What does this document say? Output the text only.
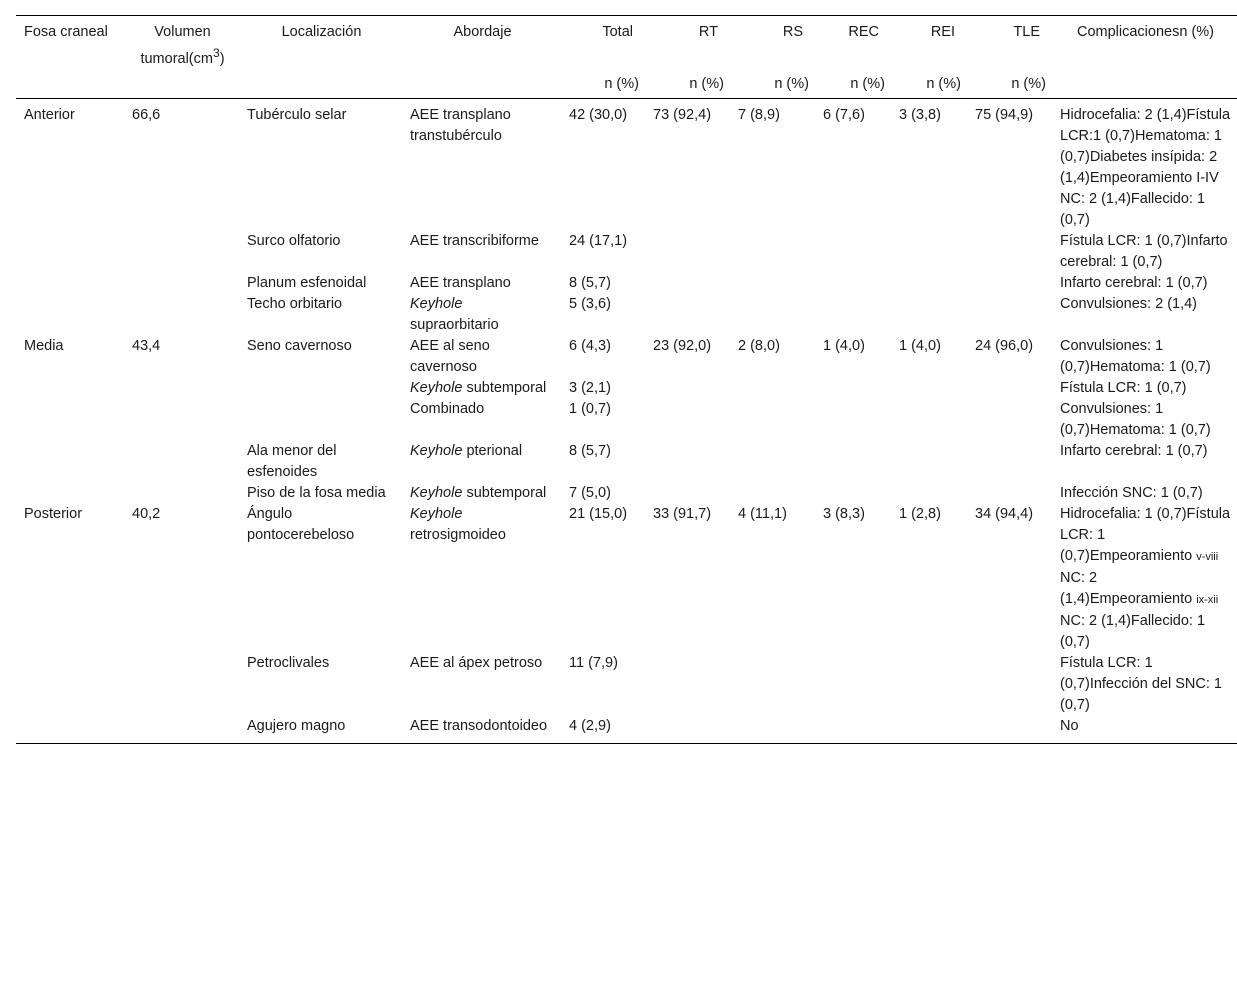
Fosa craneal	Volumen $tumoral(cm^3)$	Localización	Abordaje	Total	RT	RS	REC	REI	TLE	Complicacionesn (%)
				n (%)	n (%)	n (%)	n (%)	n (%)	n (%)	
Anterior	66,6	Tubérculo selar	AEE transplano transtubérculo	42 (30,0)	73 (92,4)	7 (8,9)	6 (7,6)	3 (3,8)	75 (94,9)	Hidrocefalia: 2 (1,4)Fístula LCR:1 (0,7)Hematoma: 1 (0,7)Diabetes insípida: 2 (1,4)Empeoramiento I-IV NC: 2 (1,4)Fallecido: 1 (0,7)
		Surco olfatorio	AEE transcribiforme	24 (17,1)						Fístula LCR: 1 (0,7)Infarto cerebral: 1 (0,7)
		Planum esfenoidal	AEE transplano	8 (5,7)						Infarto cerebral: 1 (0,7)
		Techo orbitario	Keyhole supraorbitario	5 (3,6)						Convulsiones: 2 (1,4)
Media	43,4	Seno cavernoso	AEE al seno cavernoso	6 (4,3)	23 (92,0)	2 (8,0)	1 (4,0)	1 (4,0)	24 (96,0)	Convulsiones: 1 (0,7)Hematoma: 1 (0,7)
			Keyhole subtemporal	3 (2,1)						Fístula LCR: 1 (0,7)
			Combinado	1 (0,7)						Convulsiones: 1 (0,7)Hematoma: 1 (0,7)
		Ala menor del esfenoides	Keyhole pterional	8 (5,7)						Infarto cerebral: 1 (0,7)
		Piso de la fosa media	Keyhole subtemporal	7 (5,0)						Infección SNC: 1 (0,7)
Posterior	40,2	Ángulo pontocerebeloso	Keyhole retrosigmoideo	21 (15,0)	33 (91,7)	4 (11,1)	3 (8,3)	1 (2,8)	34 (94,4)	Hidrocefalia: 1 (0,7)Fístula LCR: 1 (0,7)Empeoramiento v-viii NC: 2 (1,4)Empeoramiento ix-xii NC: 2 (1,4)Fallecido: 1 (0,7)
		Petroclivales	AEE al ápex petroso	11 (7,9)						Fístula LCR: 1 (0,7)Infección del SNC: 1 (0,7)
		Agujero magno	AEE transodontoideo	4 (2,9)						No
